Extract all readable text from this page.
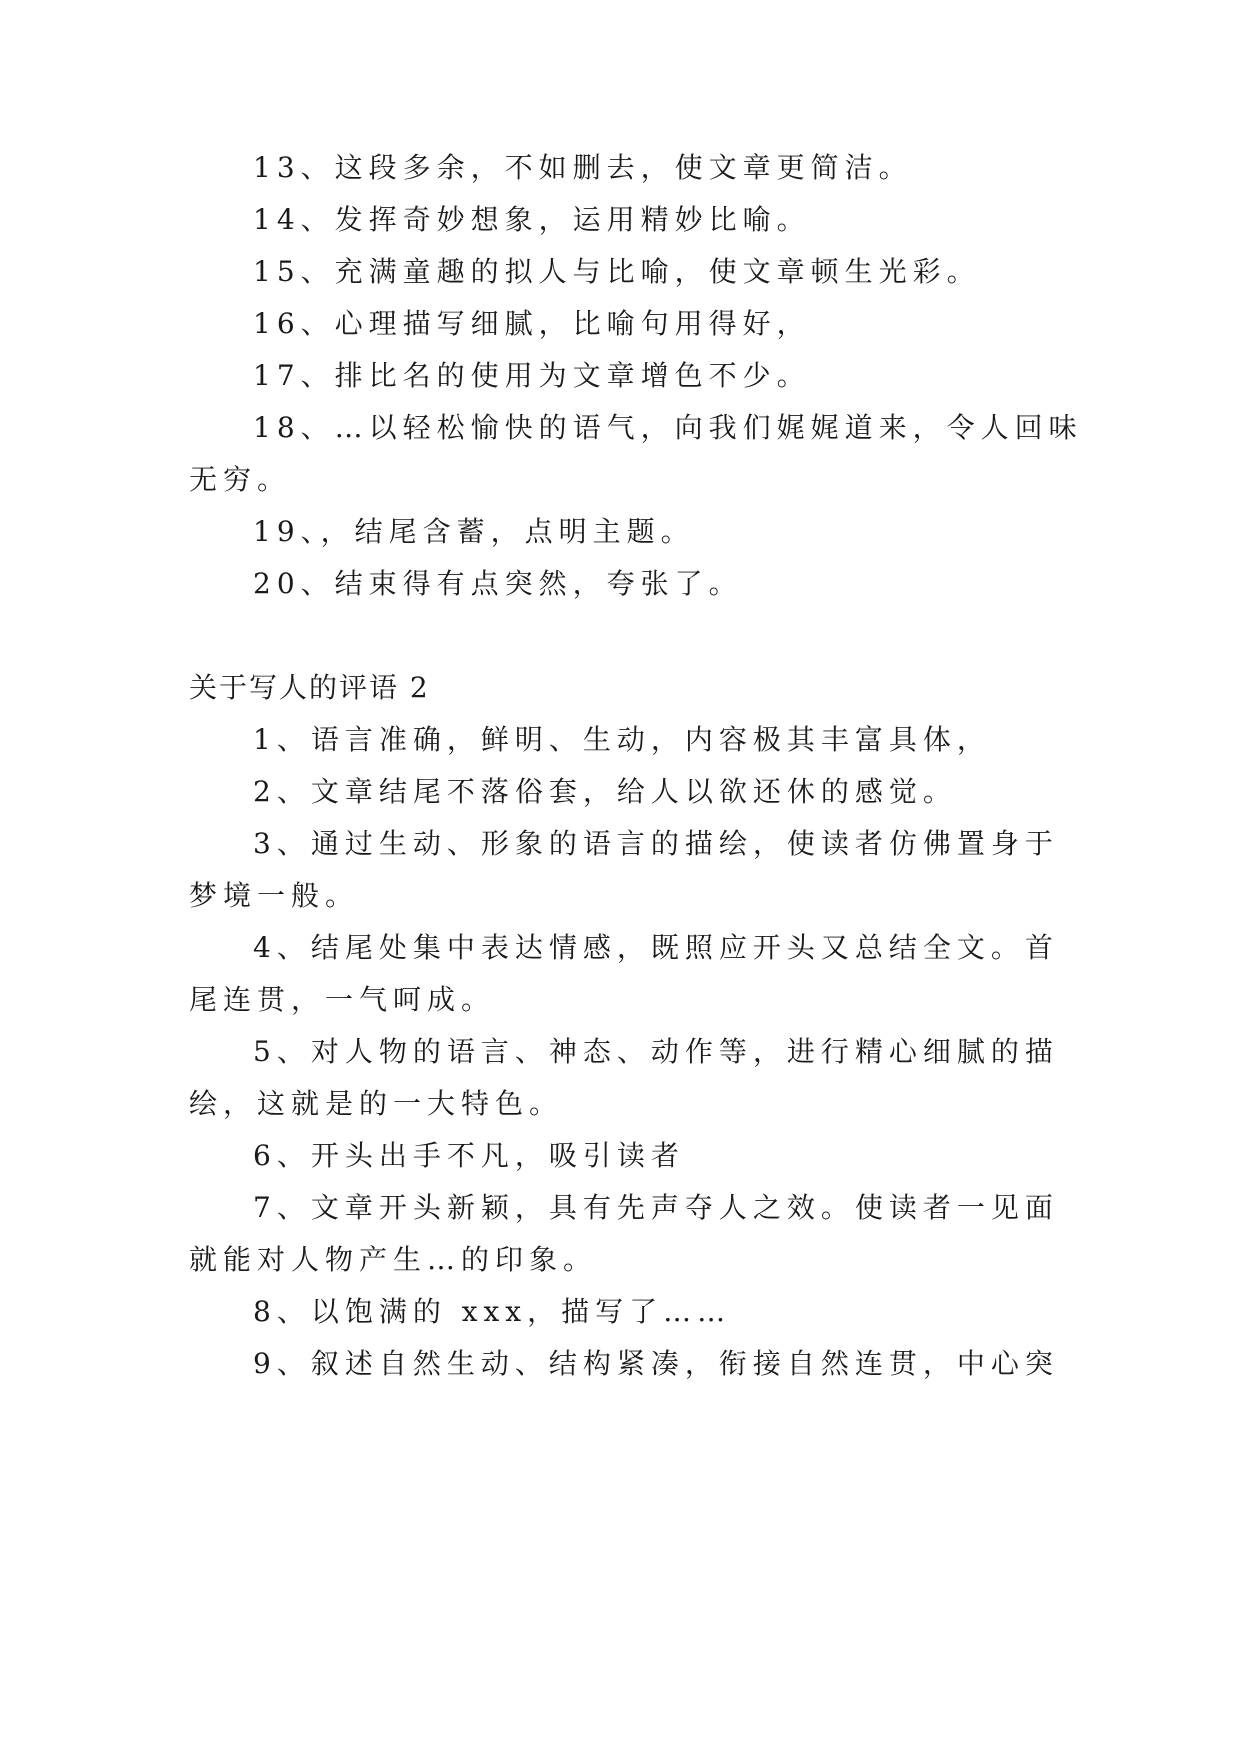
13、这段多余，不如删去，使文章更简洁。
14、发挥奇妙想象，运用精妙比喻。
15、充满童趣的拟人与比喻，使文章顿生光彩。
16、心理描写细腻，比喻句用得好，
17、排比名的使用为文章增色不少。
18、…以轻松愉快的语气，向我们娓娓道来，令人回味
无穷。
19、，结尾含蓄，点明主题。
20、结束得有点突然，夸张了。
关于写人的评语 2
1、语言准确，鲜明、生动，内容极其丰富具体，
2、文章结尾不落俗套，给人以欲还休的感觉。
3、通过生动、形象的语言的描绘，使读者仿佛置身于
梦境一般。
4、结尾处集中表达情感，既照应开头又总结全文。首
尾连贯，一气呵成。
5、对人物的语言、神态、动作等，进行精心细腻的描
绘，这就是的一大特色。
6、开头出手不凡，吸引读者
7、文章开头新颖，具有先声夺人之效。使读者一见面
就能对人物产生…的印象。
8、以饱满的 xxx，描写了……
9、叙述自然生动、结构紧凑，衔接自然连贯，中心突
